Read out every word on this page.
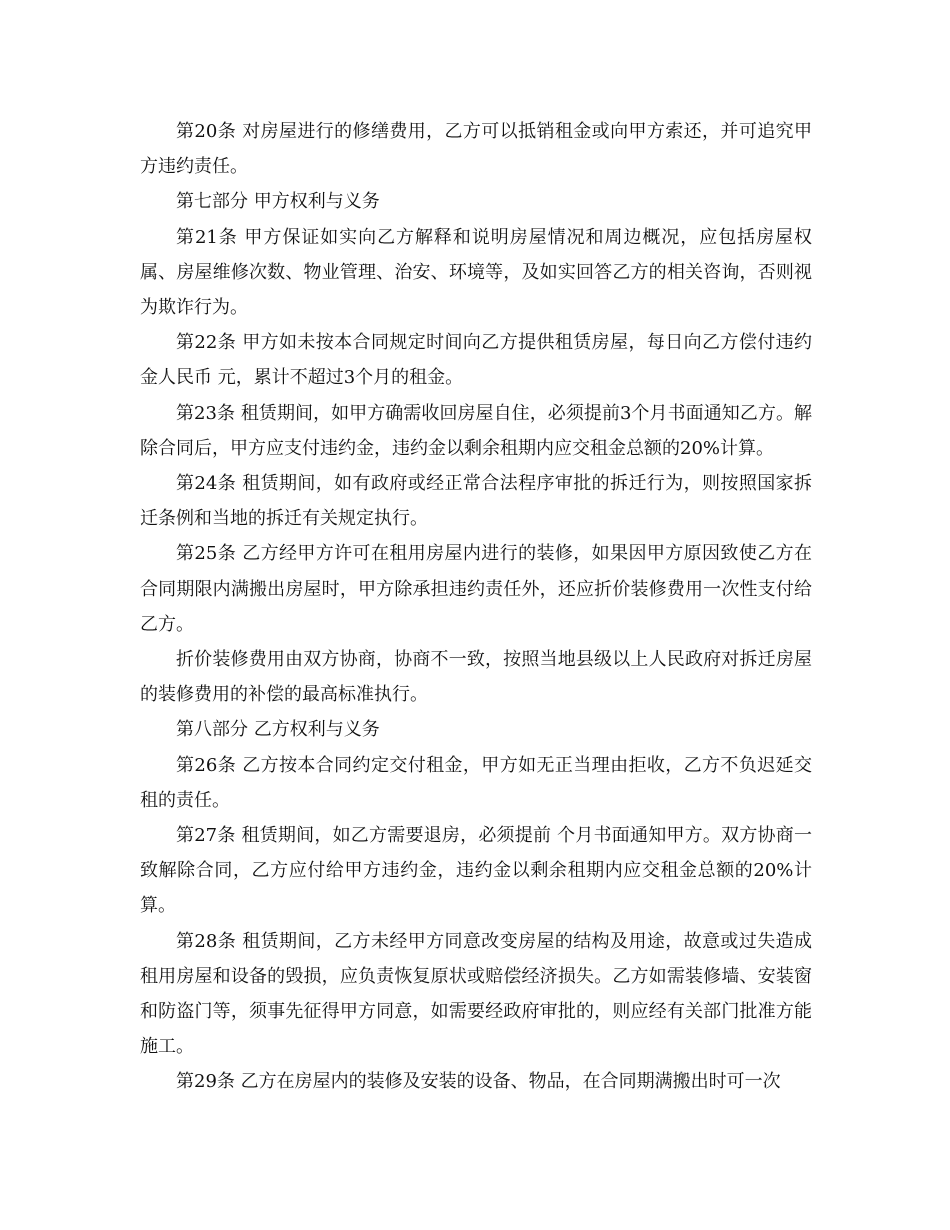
第20条 对房屋进行的修缮费用，乙方可以抵销租金或向甲方索还，并可追究甲方违约责任。

第七部分 甲方权利与义务

第21条 甲方保证如实向乙方解释和说明房屋情况和周边概况，应包括房屋权属、房屋维修次数、物业管理、治安、环境等，及如实回答乙方的相关咨询，否则视为欺诈行为。

第22条 甲方如未按本合同规定时间向乙方提供租赁房屋，每日向乙方偿付违约金人民币 元，累计不超过3个月的租金。

第23条 租赁期间，如甲方确需收回房屋自住，必须提前3个月书面通知乙方。解除合同后，甲方应支付违约金，违约金以剩余租期内应交租金总额的20%计算。

第24条 租赁期间，如有政府或经正常合法程序审批的拆迁行为，则按照国家拆迁条例和当地的拆迁有关规定执行。

第25条 乙方经甲方许可在租用房屋内进行的装修，如果因甲方原因致使乙方在合同期限内满搬出房屋时，甲方除承担违约责任外，还应折价装修费用一次性支付给乙方。

折价装修费用由双方协商，协商不一致，按照当地县级以上人民政府对拆迁房屋的装修费用的补偿的最高标准执行。

第八部分 乙方权利与义务

第26条 乙方按本合同约定交付租金，甲方如无正当理由拒收，乙方不负迟延交租的责任。

第27条 租赁期间，如乙方需要退房，必须提前 个月书面通知甲方。双方协商一致解除合同，乙方应付给甲方违约金，违约金以剩余租期内应交租金总额的20%计算。

第28条 租赁期间，乙方未经甲方同意改变房屋的结构及用途，故意或过失造成租用房屋和设备的毁损，应负责恢复原状或赔偿经济损失。乙方如需装修墙、安装窗和防盗门等，须事先征得甲方同意，如需要经政府审批的，则应经有关部门批准方能施工。

第29条 乙方在房屋内的装修及安装的设备、物品，在合同期满搬出时可一次
